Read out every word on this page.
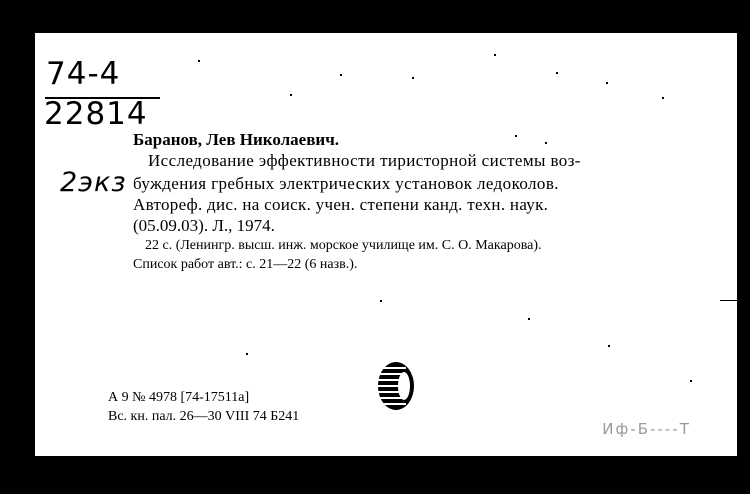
74-4
22814
2экз
Баранов, Лев Николаевич.
Исследование эффективности тиристорной системы воз-
буждения гребных электрических установок ледоколов.
Автореф. дис. на соиск. учен. степени канд. техн. наук.
(05.09.03). Л., 1974.
22 с. (Ленингр. высш. инж. морское училище им. С. О. Макарова).
Список работ авт.: с. 21—22 (6 назв.).
А 9 № 4978 [74-17511а]
Вс. кн. пал. 26—30 VIII 74 Б241
Иф-Б----Т
